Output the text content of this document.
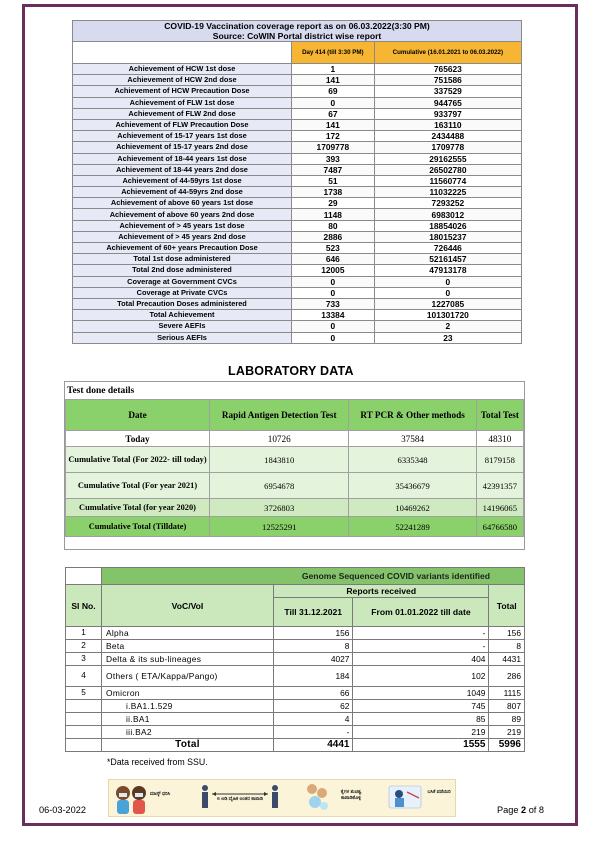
COVID-19 Vaccination coverage report as on 06.03.2022(3:30 PM)
Source: CoWIN Portal district wise report		

	Day 414 (till 3:30 PM)	Cumulative (16.01.2021 to 06.03.2022)
Achievement of HCW 1st dose	1	765623
Achievement of HCW 2nd dose	141	751586
Achievement of HCW Precaution Dose	69	337529
Achievement of FLW 1st dose	0	944765
Achievement of FLW 2nd dose	67	933797
Achievement of FLW Precaution Dose	141	163110
Achievement of 15-17 years 1st dose	172	2434488
Achievement of 15-17 years 2nd dose	1709778	1709778
Achievement of 18-44 years 1st dose	393	29162555
Achievement of 18-44 years 2nd dose	7487	26502780
Achievement of 44-59yrs 1st dose	51	11560774
Achievement of 44-59yrs 2nd dose	1738	11032225
Achievement of above 60 years 1st dose	29	7293252
Achievement of above 60 years 2nd dose	1148	6983012
Achievement of > 45 years 1st dose	80	18854026
Achievement of > 45 years 2nd dose	2886	18015237
Achievement of 60+ years Precaution Dose	523	726446
Total 1st dose administered	646	52161457
Total 2nd dose administered	12005	47913178
Coverage at Government CVCs	0	0
Coverage at Private CVCs	0	0
Total Precaution Doses administered	733	1227085
Total Achievement	13384	101301720
Severe AEFIs	0	2
Serious AEFIs	0	23
LABORATORY DATA
Test done details
Date	Rapid Antigen Detection Test	RT PCR & Other methods	Total Test
Today	10726	37584	48310
Cumulative Total (For 2022- till today)	1843810	6335348	8179158
Cumulative Total (For year 2021)	6954678	35436679	42391357
Cumulative Total (for year 2020)	3726803	10469262	14196065
Cumulative Total (Tilldate)	12525291	52241289	64766580
	Genome Sequenced COVID variants identified			
Sl No.	VoC/VoI	Reports received		Total
		Till 31.12.2021	From 01.01.2022 till date	
1	Alpha	156	-	156
2	Beta	8	-	8
3	Delta & its sub-lineages	4027	404	4431
4	Others ( ETA/Kappa/Pango)	184	102	286
5	Omicron	66	1049	1115
	i.BA1.1.529	62	745	807
	ii.BA1	4	85	89
	iii.BA2	-	219	219
	Total	4441	1555	5996
*Data received from SSU.
ಮಾಸ್ಕ್ ಧರಿಸಿ
6 ಅಡಿ ದೈಹಿಕ ಅಂತರ ಕಾಪಾಡಿ
ಕೈಗಳ ಶುಚಿತ್ವ ಕಾಪಾಡಿಕೊಳ್ಳಿ
ಲಸಿಕೆ ಪಡೆಯಿರಿ
06-03-2022	Page 2 of 8
